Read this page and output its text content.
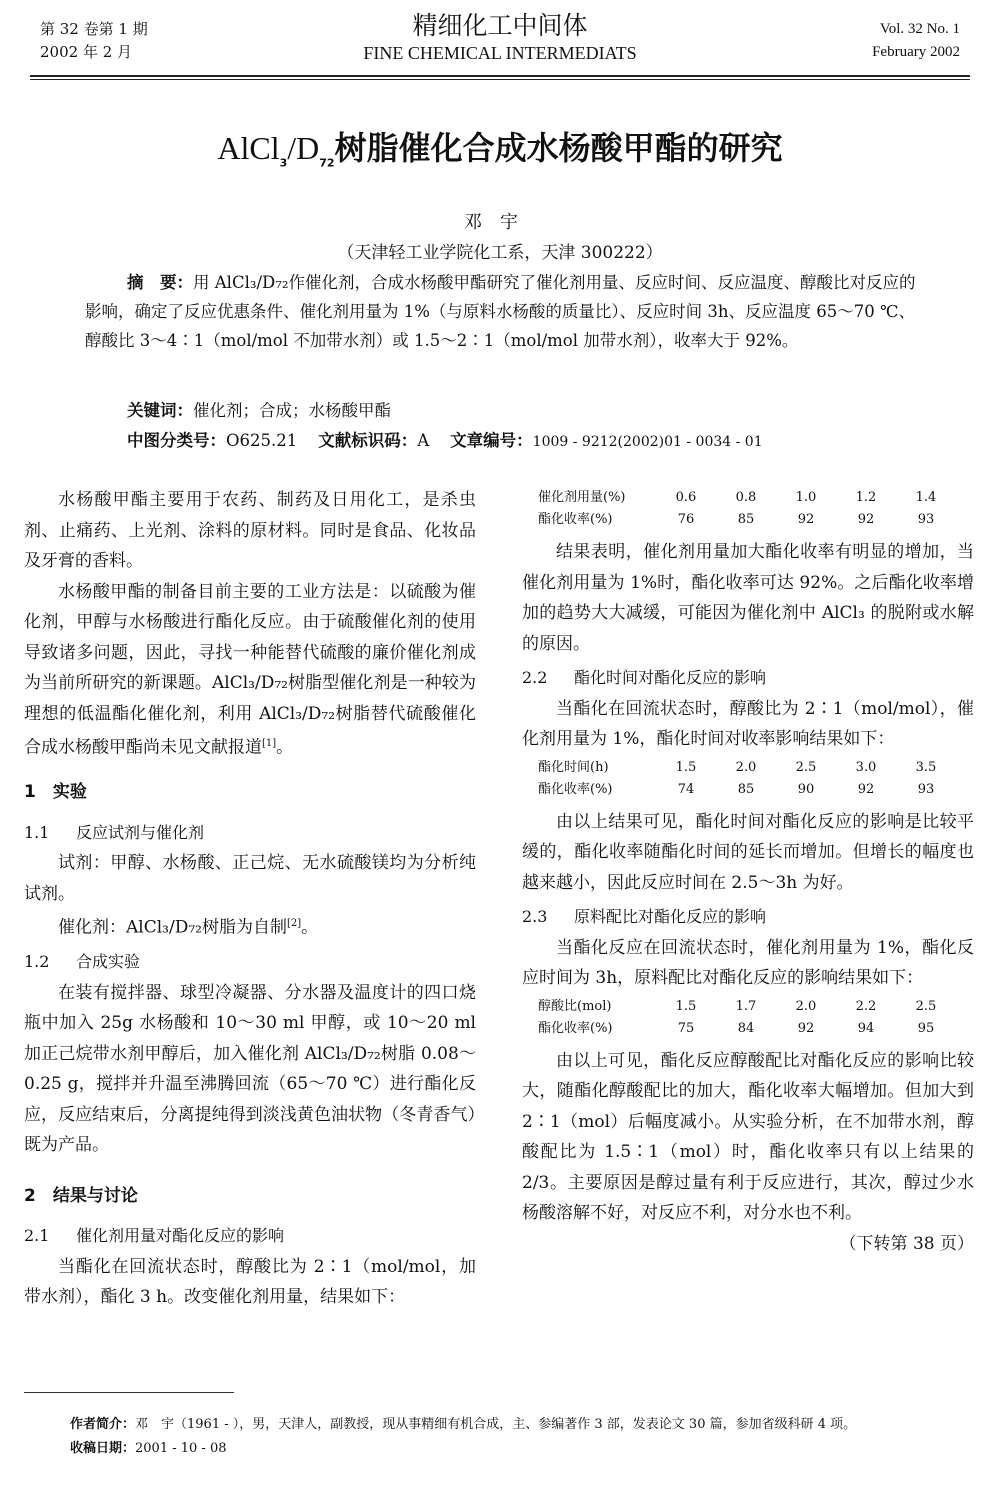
第 32 卷第 1 期
2002 年 2 月
精细化工中间体
FINE CHEMICAL INTERMEDIATS
Vol. 32 No. 1
February 2002
$AlCl_3/D_{72}$树脂催化合成水杨酸甲酯的研究
邓宇
（天津轻工业学院化工系，天津 300222）
摘　要：用 AlCl₃/D₇₂作催化剂，合成水杨酸甲酯研究了催化剂用量、反应时间、反应温度、醇酸比对反应的影响，确定了反应优惠条件、催化剂用量为 1%（与原料水杨酸的质量比）、反应时间 3h、反应温度 65～70 ℃、醇酸比 3～4∶1（mol/mol 不加带水剂）或 1.5～2∶1（mol/mol 加带水剂），收率大于 92%。
关键词：催化剂；合成；水杨酸甲酯
中图分类号：O625.21 文献标识码：A 文章编号：1009 - 9212(2002)01 - 0034 - 01

水杨酸甲酯主要用于农药、制药及日用化工，是杀虫剂、止痛药、上光剂、涂料的原材料。同时是食品、化妆品及牙膏的香料。

水杨酸甲酯的制备目前主要的工业方法是：以硫酸为催化剂，甲醇与水杨酸进行酯化反应。由于硫酸催化剂的使用导致诸多问题，因此，寻找一种能替代硫酸的廉价催化剂成为当前所研究的新课题。AlCl₃/D₇₂树脂型催化剂是一种较为理想的低温酯化催化剂，利用 AlCl₃/D₇₂树脂替代硫酸催化合成水杨酸甲酯尚未见文献报道[1]。

1　实验

1.1 反应试剂与催化剂

试剂：甲醇、水杨酸、正己烷、无水硫酸镁均为分析纯试剂。

催化剂：AlCl₃/D₇₂树脂为自制[2]。

1.2 合成实验

在装有搅拌器、球型冷凝器、分水器及温度计的四口烧瓶中加入 25g 水杨酸和 10～30 ml 甲醇，或 10～20 ml 加正己烷带水剂甲醇后，加入催化剂 AlCl₃/D₇₂树脂 0.08～0.25 g，搅拌并升温至沸腾回流（65～70 ℃）进行酯化反应，反应结束后，分离提纯得到淡浅黄色油状物（冬青香气）既为产品。

2　结果与讨论

2.1 催化剂用量对酯化反应的影响

当酯化在回流状态时，醇酸比为 2∶1（mol/mol，加带水剂），酯化 3 h。改变催化剂用量，结果如下：

催化剂用量(%)	0.6	0.8	1.0	1.2	1.4
酯化收率(%)	76	85	92	92	93

结果表明，催化剂用量加大酯化收率有明显的增加，当催化剂用量为 1%时，酯化收率可达 92%。之后酯化收率增加的趋势大大减缓，可能因为催化剂中 AlCl₃ 的脱附或水解的原因。

2.2 酯化时间对酯化反应的影响

当酯化在回流状态时，醇酸比为 2∶1（mol/mol），催化剂用量为 1%，酯化时间对收率影响结果如下：

酯化时间(h)	1.5	2.0	2.5	3.0	3.5
酯化收率(%)	74	85	90	92	93

由以上结果可见，酯化时间对酯化反应的影响是比较平缓的，酯化收率随酯化时间的延长而增加。但增长的幅度也越来越小，因此反应时间在 2.5～3h 为好。

2.3 原料配比对酯化反应的影响

当酯化反应在回流状态时，催化剂用量为 1%，酯化反应时间为 3h，原料配比对酯化反应的影响结果如下：

醇酸比(mol)	1.5	1.7	2.0	2.2	2.5
酯化收率(%)	75	84	92	94	95

由以上可见，酯化反应醇酸配比对酯化反应的影响比较大，随酯化醇酸配比的加大，酯化收率大幅增加。但加大到 2∶1（mol）后幅度减小。从实验分析，在不加带水剂，醇酸配比为 1.5∶1（mol）时，酯化收率只有以上结果的 2/3。主要原因是醇过量有利于反应进行，其次，醇过少水杨酸溶解不好，对反应不利，对分水也不利。
（下转第 38 页）

作者简介：邓　宇（1961 - ），男，天津人，副教授，现从事精细有机合成，主、参编著作 3 部，发表论文 30 篇，参加省级科研 4 项。
收稿日期：2001 - 10 - 08
